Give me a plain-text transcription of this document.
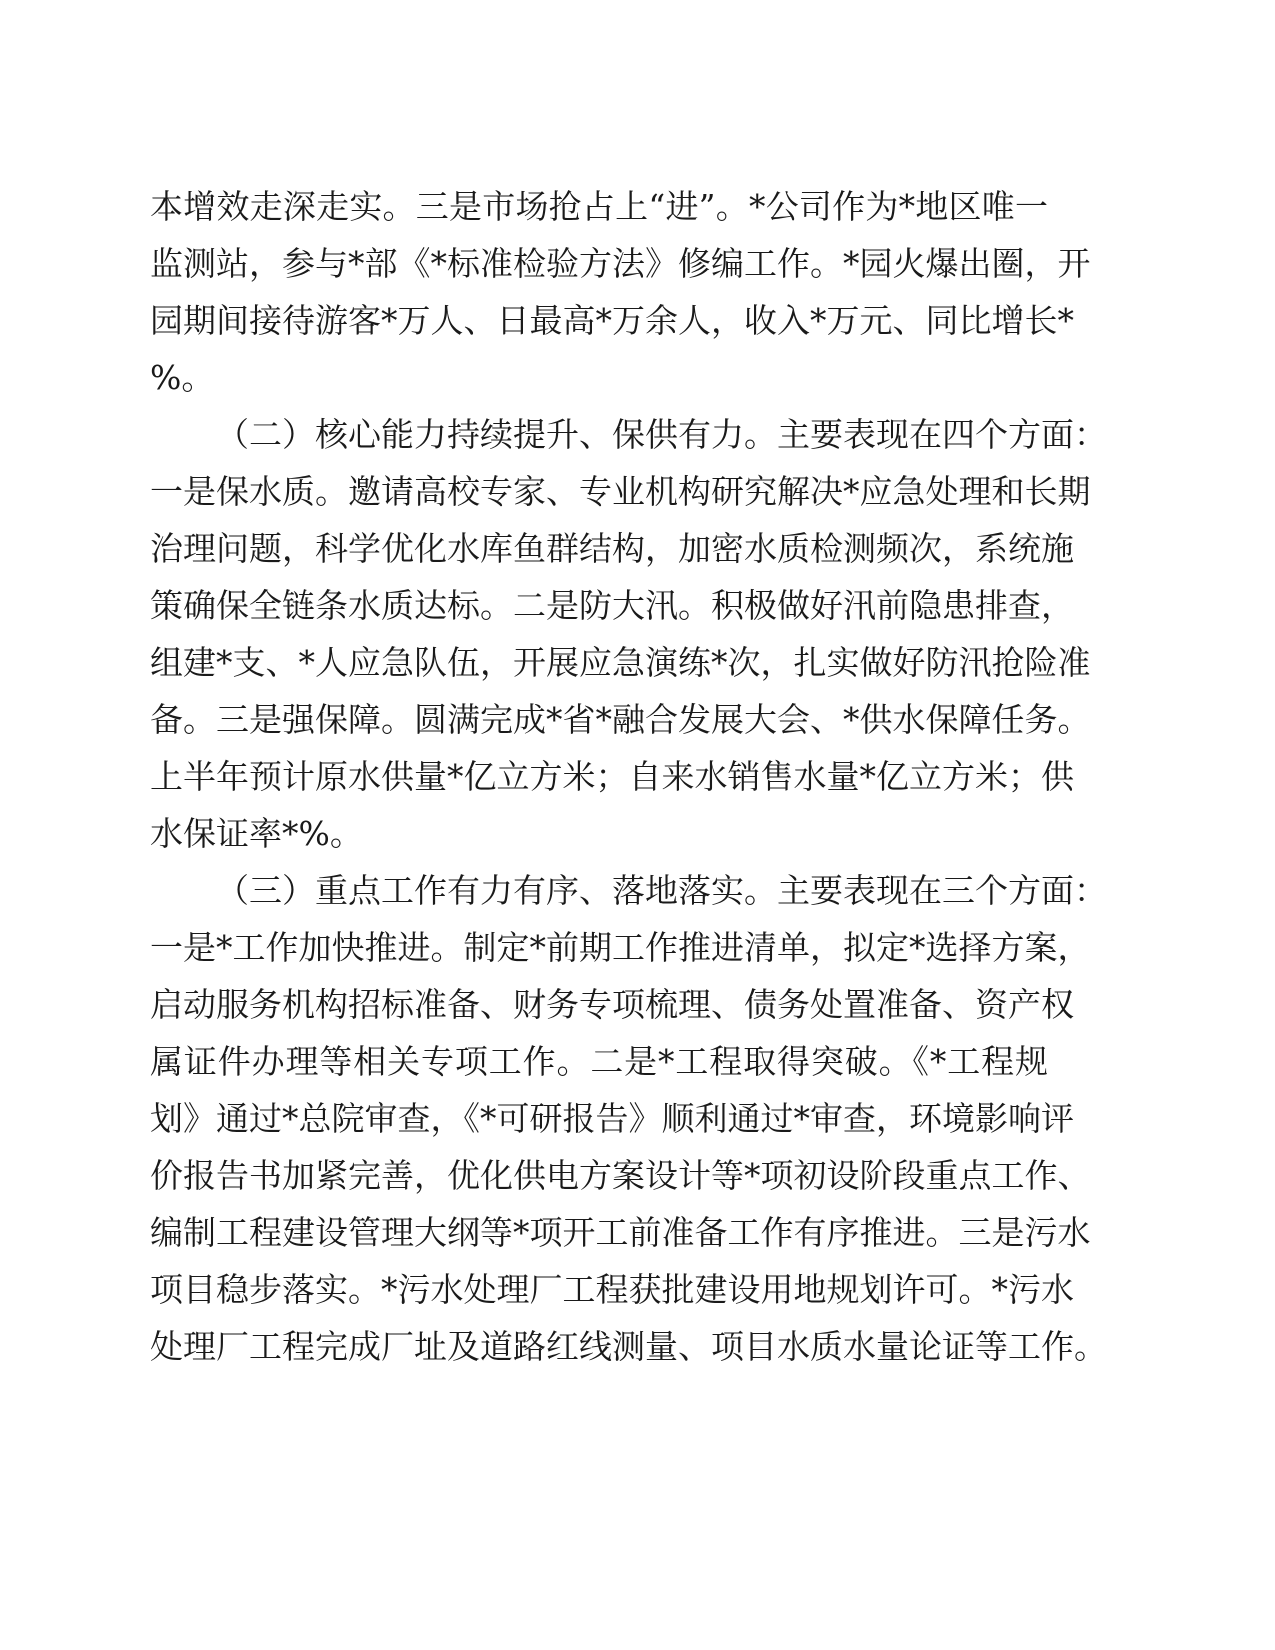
本增效走深走实。三是市场抢占上“进”。*公司作为*地区唯一
监测站，参与*部《*标准检验方法》修编工作。*园火爆出圈，开
园期间接待游客*万人、日最高*万余人，收入*万元、同比增长*
%。
（二）核心能力持续提升、保供有力。主要表现在四个方面：
一是保水质。邀请高校专家、专业机构研究解决*应急处理和长期
治理问题，科学优化水库鱼群结构，加密水质检测频次，系统施
策确保全链条水质达标。二是防大汛。积极做好汛前隐患排查，
组建*支、*人应急队伍，开展应急演练*次，扎实做好防汛抢险准
备。三是强保障。圆满完成*省*融合发展大会、*供水保障任务。
上半年预计原水供量*亿立方米；自来水销售水量*亿立方米；供
水保证率*%。
（三）重点工作有力有序、落地落实。主要表现在三个方面：
一是*工作加快推进。制定*前期工作推进清单，拟定*选择方案，
启动服务机构招标准备、财务专项梳理、债务处置准备、资产权
属证件办理等相关专项工作。二是*工程取得突破。《*工程规
划》通过*总院审查，《*可研报告》顺利通过*审查，环境影响评
价报告书加紧完善，优化供电方案设计等*项初设阶段重点工作、
编制工程建设管理大纲等*项开工前准备工作有序推进。三是污水
项目稳步落实。*污水处理厂工程获批建设用地规划许可。*污水
处理厂工程完成厂址及道路红线测量、项目水质水量论证等工作。
